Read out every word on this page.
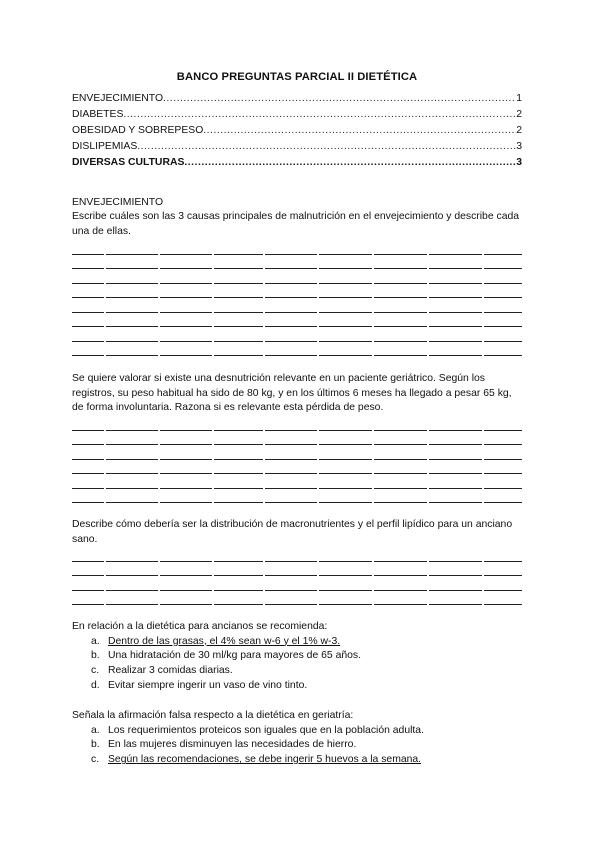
BANCO PREGUNTAS PARCIAL II DIETÉTICA
ENVEJECIMIENTO .....	1
DIABETES .....	2
OBESIDAD Y SOBREPESO .....	2
DISLIPEMIAS .....	3
DIVERSAS CULTURAS .....	3
ENVEJECIMIENTO
Escribe cuáles son las 3 causas principales de malnutrición en el envejecimiento y describe cada una de ellas.
Se quiere valorar si existe una desnutrición relevante en un paciente geriátrico. Según los registros, su peso habitual ha sido de 80 kg, y en los últimos 6 meses ha llegado a pesar 65 kg, de forma involuntaria. Razona si es relevante esta pérdida de peso.
Describe cómo debería ser la distribución de macronutrientes y el perfil lipídico para un anciano sano.
En relación a la dietética para ancianos se recomienda:
a. Dentro de las grasas, el 4% sean w-6 y el 1% w-3.
b. Una hidratación de 30 ml/kg para mayores de 65 años.
c. Realizar 3 comidas diarias.
d. Evitar siempre ingerir un vaso de vino tinto.
Señala la afirmación falsa respecto a la dietética en geriatría:
a. Los requerimientos proteicos son iguales que en la población adulta.
b. En las mujeres disminuyen las necesidades de hierro.
c. Según las recomendaciones, se debe ingerir 5 huevos a la semana.
